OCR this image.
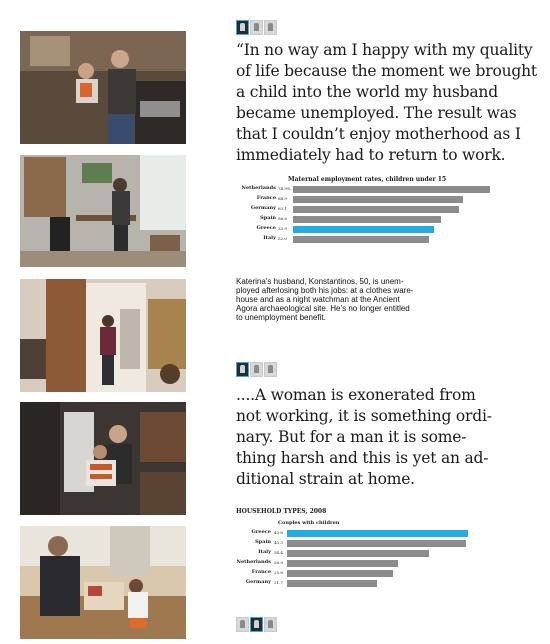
“In no way am I happy with my quality
of life because the moment we brought
a child into the world my husband
became unemployed. The result was
that I couldn’t enjoy motherhood as I
immediately had to return to work.
Maternal employment rates, children under 15
Netherlands 74.9%
France 64.9
Germany 63.1
Spain 56.6
Greece 53.9
Italy 52.0
Katerina’s husband, Konstantinos, 50, is unem-
ployed afterlosing both his jobs: at a clothes ware-
house and as a night watchman at the Ancient
Agora archaeological site. He’s no longer entitled
to unemployment benefit.
....A woman is exonerated from
not working, it is something ordi-
nary. But for a man it is some-
thing harsh and this is yet an ad-
ditional strain at home.
HOUSEHOLD TYPES, 2008
Couples with children
Greece 43.8
Spain 43.3
Italy 34.4
Netherlands 26.9
France 25.6
Germany 21.7
